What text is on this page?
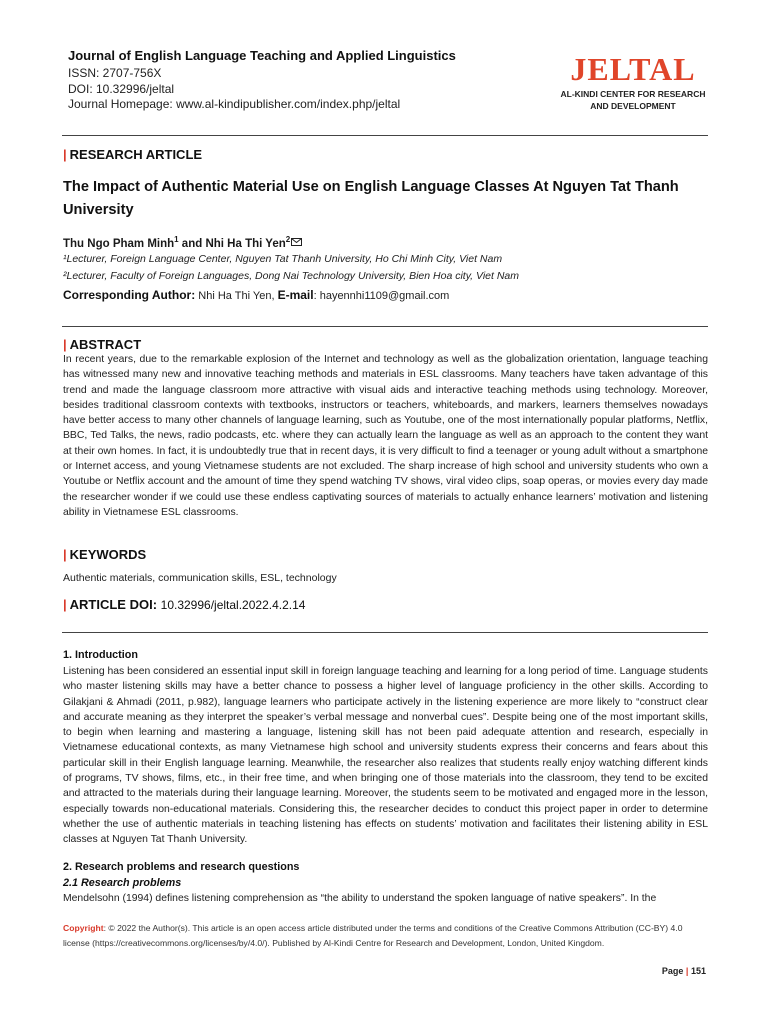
Journal of English Language Teaching and Applied Linguistics
ISSN: 2707-756X
DOI: 10.32996/jeltal
Journal Homepage: www.al-kindipublisher.com/index.php/jeltal
JELTAL
AL-KINDI CENTER FOR RESEARCH
AND DEVELOPMENT
| RESEARCH ARTICLE
The Impact of Authentic Material Use on English Language Classes At Nguyen Tat Thanh University
Thu Ngo Pham Minh$^1$ and Nhi Ha Thi Yen$^2$
¹Lecturer, Foreign Language Center, Nguyen Tat Thanh University, Ho Chi Minh City, Viet Nam
²Lecturer, Faculty of Foreign Languages, Dong Nai Technology University, Bien Hoa city, Viet Nam
Corresponding Author: Nhi Ha Thi Yen, E-mail: hayennhi1109@gmail.com
| ABSTRACT
In recent years, due to the remarkable explosion of the Internet and technology as well as the globalization orientation, language teaching has witnessed many new and innovative teaching methods and materials in ESL classrooms. Many teachers have taken advantage of this trend and made the language classroom more attractive with visual aids and interactive teaching methods using technology. Moreover, besides traditional classroom contexts with textbooks, instructors or teachers, whiteboards, and markers, learners themselves nowadays have better access to many other channels of language learning, such as Youtube, one of the most internationally popular platforms, Netflix, BBC, Ted Talks, the news, radio podcasts, etc. where they can actually learn the language as well as an approach to the content they want at their own homes. In fact, it is undoubtedly true that in recent days, it is very difficult to find a teenager or young adult without a smartphone or Internet access, and young Vietnamese students are not excluded. The sharp increase of high school and university students who own a Youtube or Netflix account and the amount of time they spend watching TV shows, viral video clips, soap operas, or movies every day made the researcher wonder if we could use these endless captivating sources of materials to actually enhance learners’ motivation and listening ability in Vietnamese ESL classrooms.
| KEYWORDS
Authentic materials, communication skills, ESL, technology
| ARTICLE DOI: 10.32996/jeltal.2022.4.2.14
1. Introduction
Listening has been considered an essential input skill in foreign language teaching and learning for a long period of time. Language students who master listening skills may have a better chance to possess a higher level of language proficiency in the other skills. According to Gilakjani & Ahmadi (2011, p.982), language learners who participate actively in the listening experience are more likely to “construct clear and accurate meaning as they interpret the speaker’s verbal message and nonverbal cues”. Despite being one of the most important skills, to begin when learning and mastering a language, listening skill has not been paid adequate attention and research, especially in Vietnamese educational contexts, as many Vietnamese high school and university students express their concerns and fears about this particular skill in their English language learning. Meanwhile, the researcher also realizes that students really enjoy watching different kinds of programs, TV shows, films, etc., in their free time, and when bringing one of those materials into the classroom, they tend to be excited and attracted to the materials during their language learning. Moreover, the students seem to be motivated and engaged more in the lesson, especially towards non-educational materials. Considering this, the researcher decides to conduct this project paper in order to determine whether the use of authentic materials in teaching listening has effects on students’ motivation and facilitates their listening ability in ESL classes at Nguyen Tat Thanh University.
2. Research problems and research questions
2.1 Research problems
Mendelsohn (1994) defines listening comprehension as “the ability to understand the spoken language of native speakers”. In the
Copyright: © 2022 the Author(s). This article is an open access article distributed under the terms and conditions of the Creative Commons Attribution (CC-BY) 4.0 license (https://creativecommons.org/licenses/by/4.0/). Published by Al-Kindi Centre for Research and Development, London, United Kingdom.
Page | 151
